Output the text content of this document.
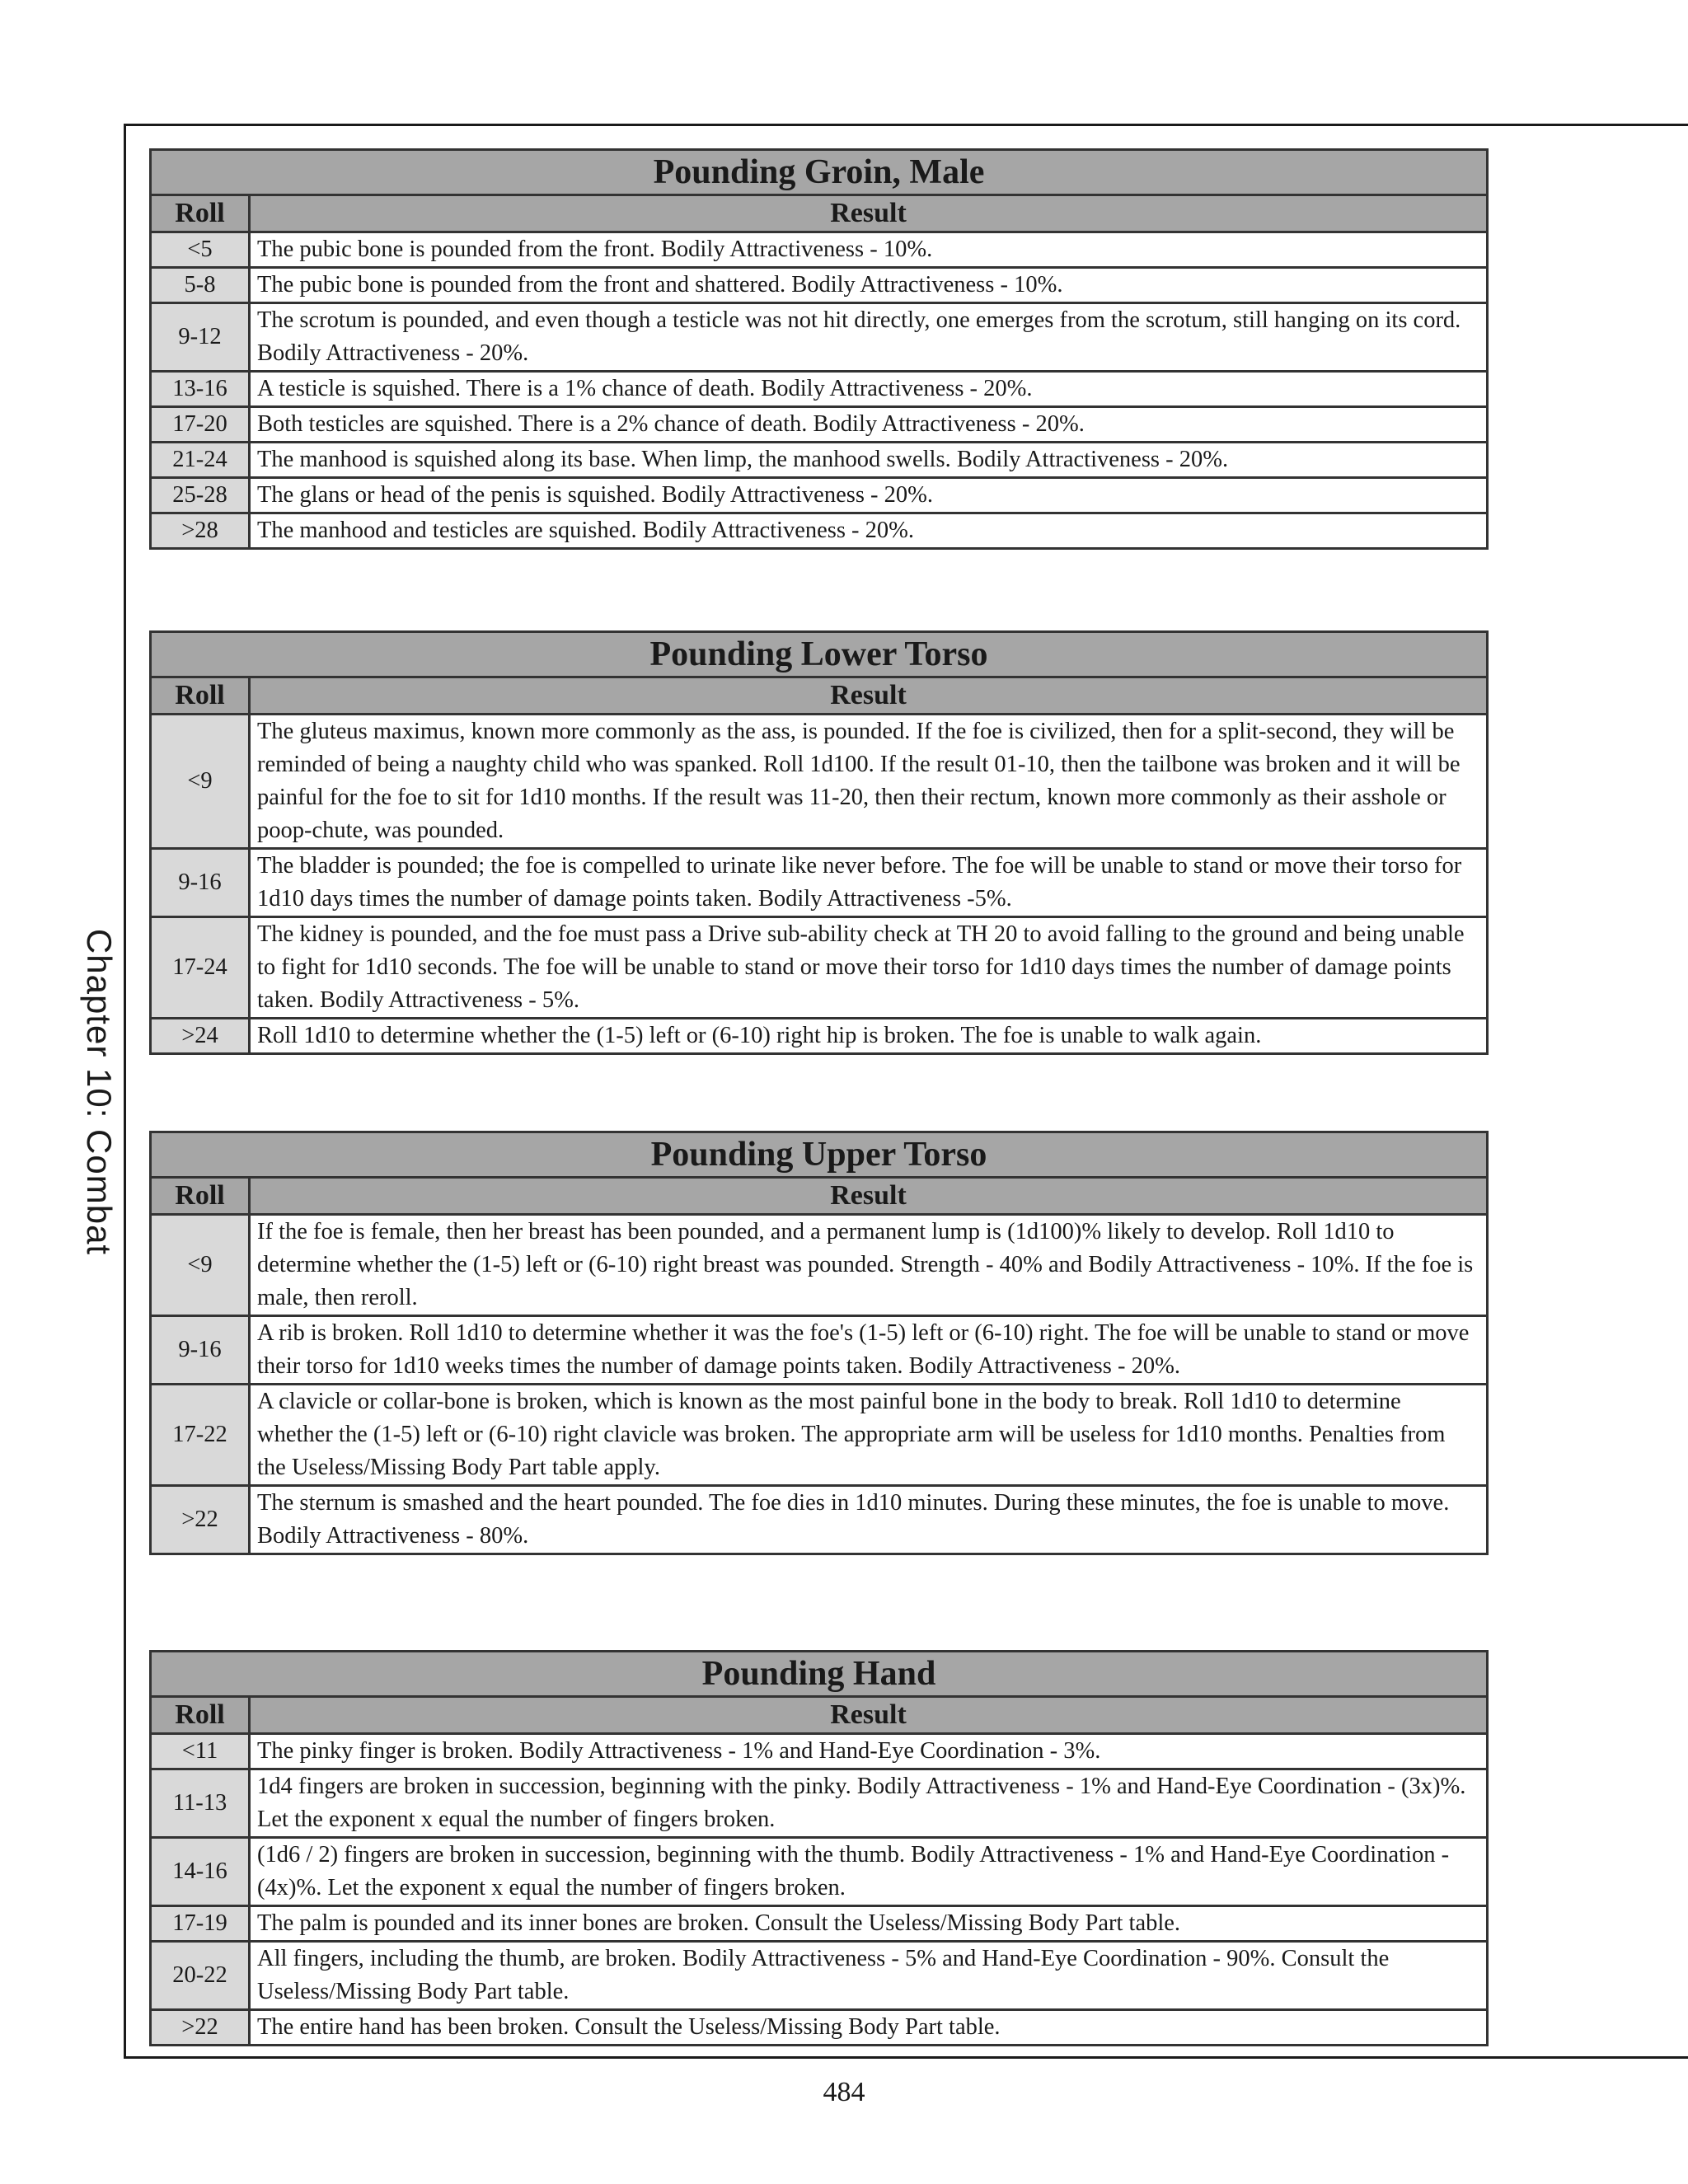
Chapter 10: Combat
Pounding Groin, Male	
Roll	Result
<5	The pubic bone is pounded from the front. Bodily Attractiveness - 10%.
5-8	The pubic bone is pounded from the front and shattered. Bodily Attractiveness - 10%.
9-12	The scrotum is pounded, and even though a testicle was not hit directly, one emerges from the scrotum, still hanging on its cord. Bodily Attractiveness - 20%.
13-16	A testicle is squished. There is a 1% chance of death. Bodily Attractiveness - 20%.
17-20	Both testicles are squished. There is a 2% chance of death. Bodily Attractiveness - 20%.
21-24	The manhood is squished along its base. When limp, the manhood swells. Bodily Attractiveness - 20%.
25-28	The glans or head of the penis is squished. Bodily Attractiveness - 20%.
>28	The manhood and testicles are squished. Bodily Attractiveness - 20%.
Pounding Lower Torso	
Roll	Result
<9	The gluteus maximus, known more commonly as the ass, is pounded. If the foe is civilized, then for a split-second, they will be reminded of being a naughty child who was spanked. Roll 1d100. If the result 01-10, then the tailbone was broken and it will be painful for the foe to sit for 1d10 months. If the result was 11-20, then their rectum, known more commonly as their asshole or poop-chute, was pounded.
9-16	The bladder is pounded; the foe is compelled to urinate like never before. The foe will be unable to stand or move their torso for 1d10 days times the number of damage points taken. Bodily Attractiveness -5%.
17-24	The kidney is pounded, and the foe must pass a Drive sub-ability check at TH 20 to avoid falling to the ground and being unable to fight for 1d10 seconds. The foe will be unable to stand or move their torso for 1d10 days times the number of damage points taken. Bodily Attractiveness - 5%.
>24	Roll 1d10 to determine whether the (1-5) left or (6-10) right hip is broken. The foe is unable to walk again.
Pounding Upper Torso	
Roll	Result
<9	If the foe is female, then her breast has been pounded, and a permanent lump is (1d100)% likely to develop. Roll 1d10 to determine whether the (1-5) left or (6-10) right breast was pounded. Strength - 40% and Bodily Attractiveness - 10%. If the foe is male, then reroll.
9-16	A rib is broken. Roll 1d10 to determine whether it was the foe's (1-5) left or (6-10) right. The foe will be unable to stand or move their torso for 1d10 weeks times the number of damage points taken. Bodily Attractiveness - 20%.
17-22	A clavicle or collar-bone is broken, which is known as the most painful bone in the body to break. Roll 1d10 to determine whether the (1-5) left or (6-10) right clavicle was broken. The appropriate arm will be useless for 1d10 months. Penalties from the Useless/Missing Body Part table apply.
>22	The sternum is smashed and the heart pounded. The foe dies in 1d10 minutes. During these minutes, the foe is unable to move. Bodily Attractiveness - 80%.
Pounding Hand	
Roll	Result
<11	The pinky finger is broken. Bodily Attractiveness - 1% and Hand-Eye Coordination - 3%.
11-13	1d4 fingers are broken in succession, beginning with the pinky. Bodily Attractiveness - 1% and Hand-Eye Coordination - (3x)%. Let the exponent x equal the number of fingers broken.
14-16	(1d6 / 2) fingers are broken in succession, beginning with the thumb. Bodily Attractiveness - 1% and Hand-Eye Coordination - (4x)%. Let the exponent x equal the number of fingers broken.
17-19	The palm is pounded and its inner bones are broken. Consult the Useless/Missing Body Part table.
20-22	All fingers, including the thumb, are broken. Bodily Attractiveness - 5% and Hand-Eye Coordination - 90%. Consult the Useless/Missing Body Part table.
>22	The entire hand has been broken. Consult the Useless/Missing Body Part table.
484
